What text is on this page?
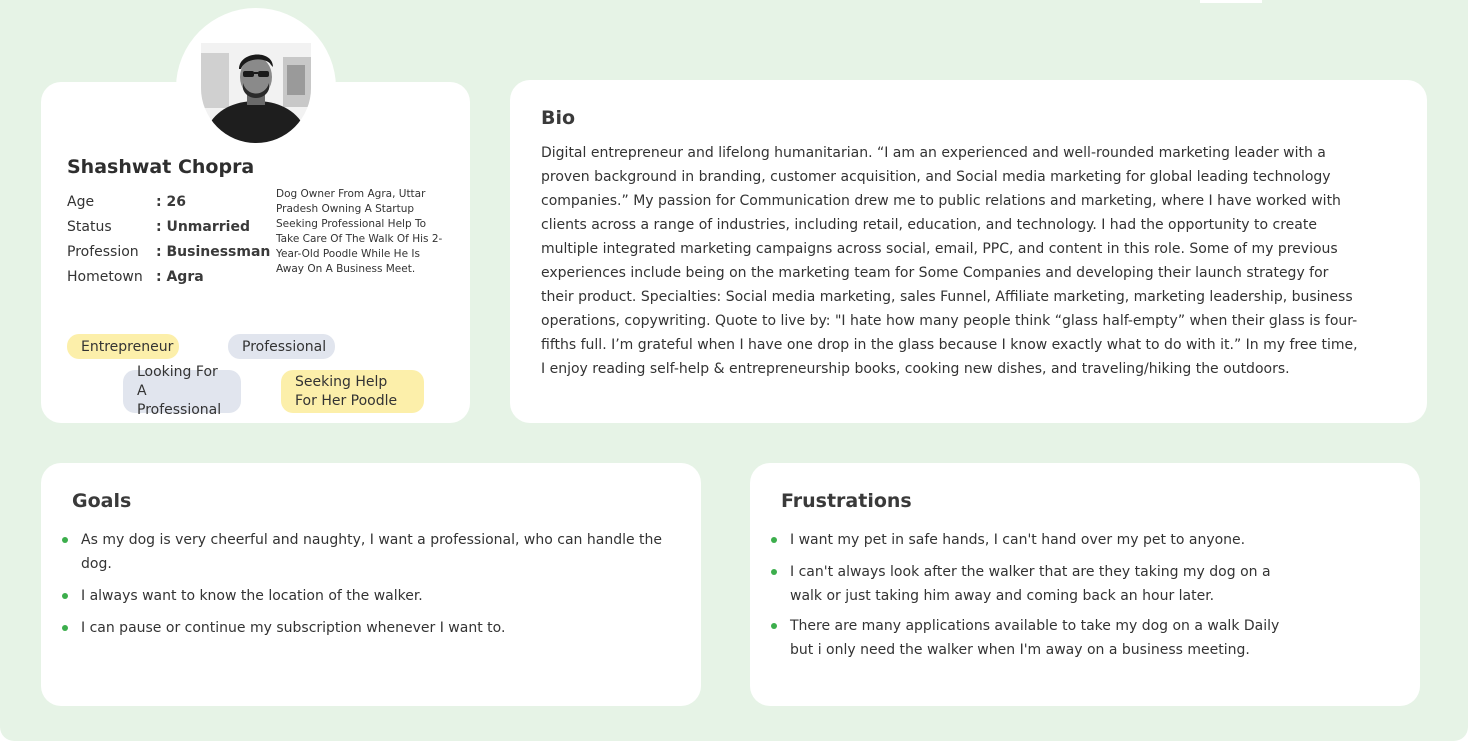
Shashwat Chopra
Age	: 26
Status	: Unmarried
Profession : Businessman
Hometown : Agra
Dog Owner From Agra, Uttar Pradesh Owning A Startup Seeking Professional Help To Take Care Of The Walk Of His 2-Year-Old Poodle While He Is Away On A Business Meet.
Entrepreneur	Professional
Looking For A Professional
Seeking Help For Her Poodle
Bio
Digital entrepreneur and lifelong humanitarian. “I am an experienced and well-rounded marketing leader with a proven background in branding, customer acquisition, and Social media marketing for global leading technology companies.” My passion for Communication drew me to public relations and marketing, where I have worked with clients across a range of industries, including retail, education, and technology. I had the opportunity to create multiple integrated marketing campaigns across social, email, PPC, and content in this role. Some of my previous experiences include being on the marketing team for Some Companies and developing their launch strategy for their product. Specialties: Social media marketing, sales Funnel, Affiliate marketing, marketing leadership, business operations, copywriting. Quote to live by: "I hate how many people think “glass half-empty” when their glass is four-fifths full. I’m grateful when I have one drop in the glass because I know exactly what to do with it.” In my free time, I enjoy reading self-help & entrepreneurship books, cooking new dishes, and traveling/hiking the outdoors.
Goals
As my dog is very cheerful and naughty, I want a professional, who can handle the dog.
I always want to know the location of the walker.
I can pause or continue my subscription whenever I want to.
Frustrations
I want my pet in safe hands, I can't hand over my pet to anyone.
I can't always look after the walker that are they taking my dog on a walk or just taking him away and coming back an hour later.
There are many applications available to take my dog on a walk Daily but i only need the walker when I'm away on a business meeting.
